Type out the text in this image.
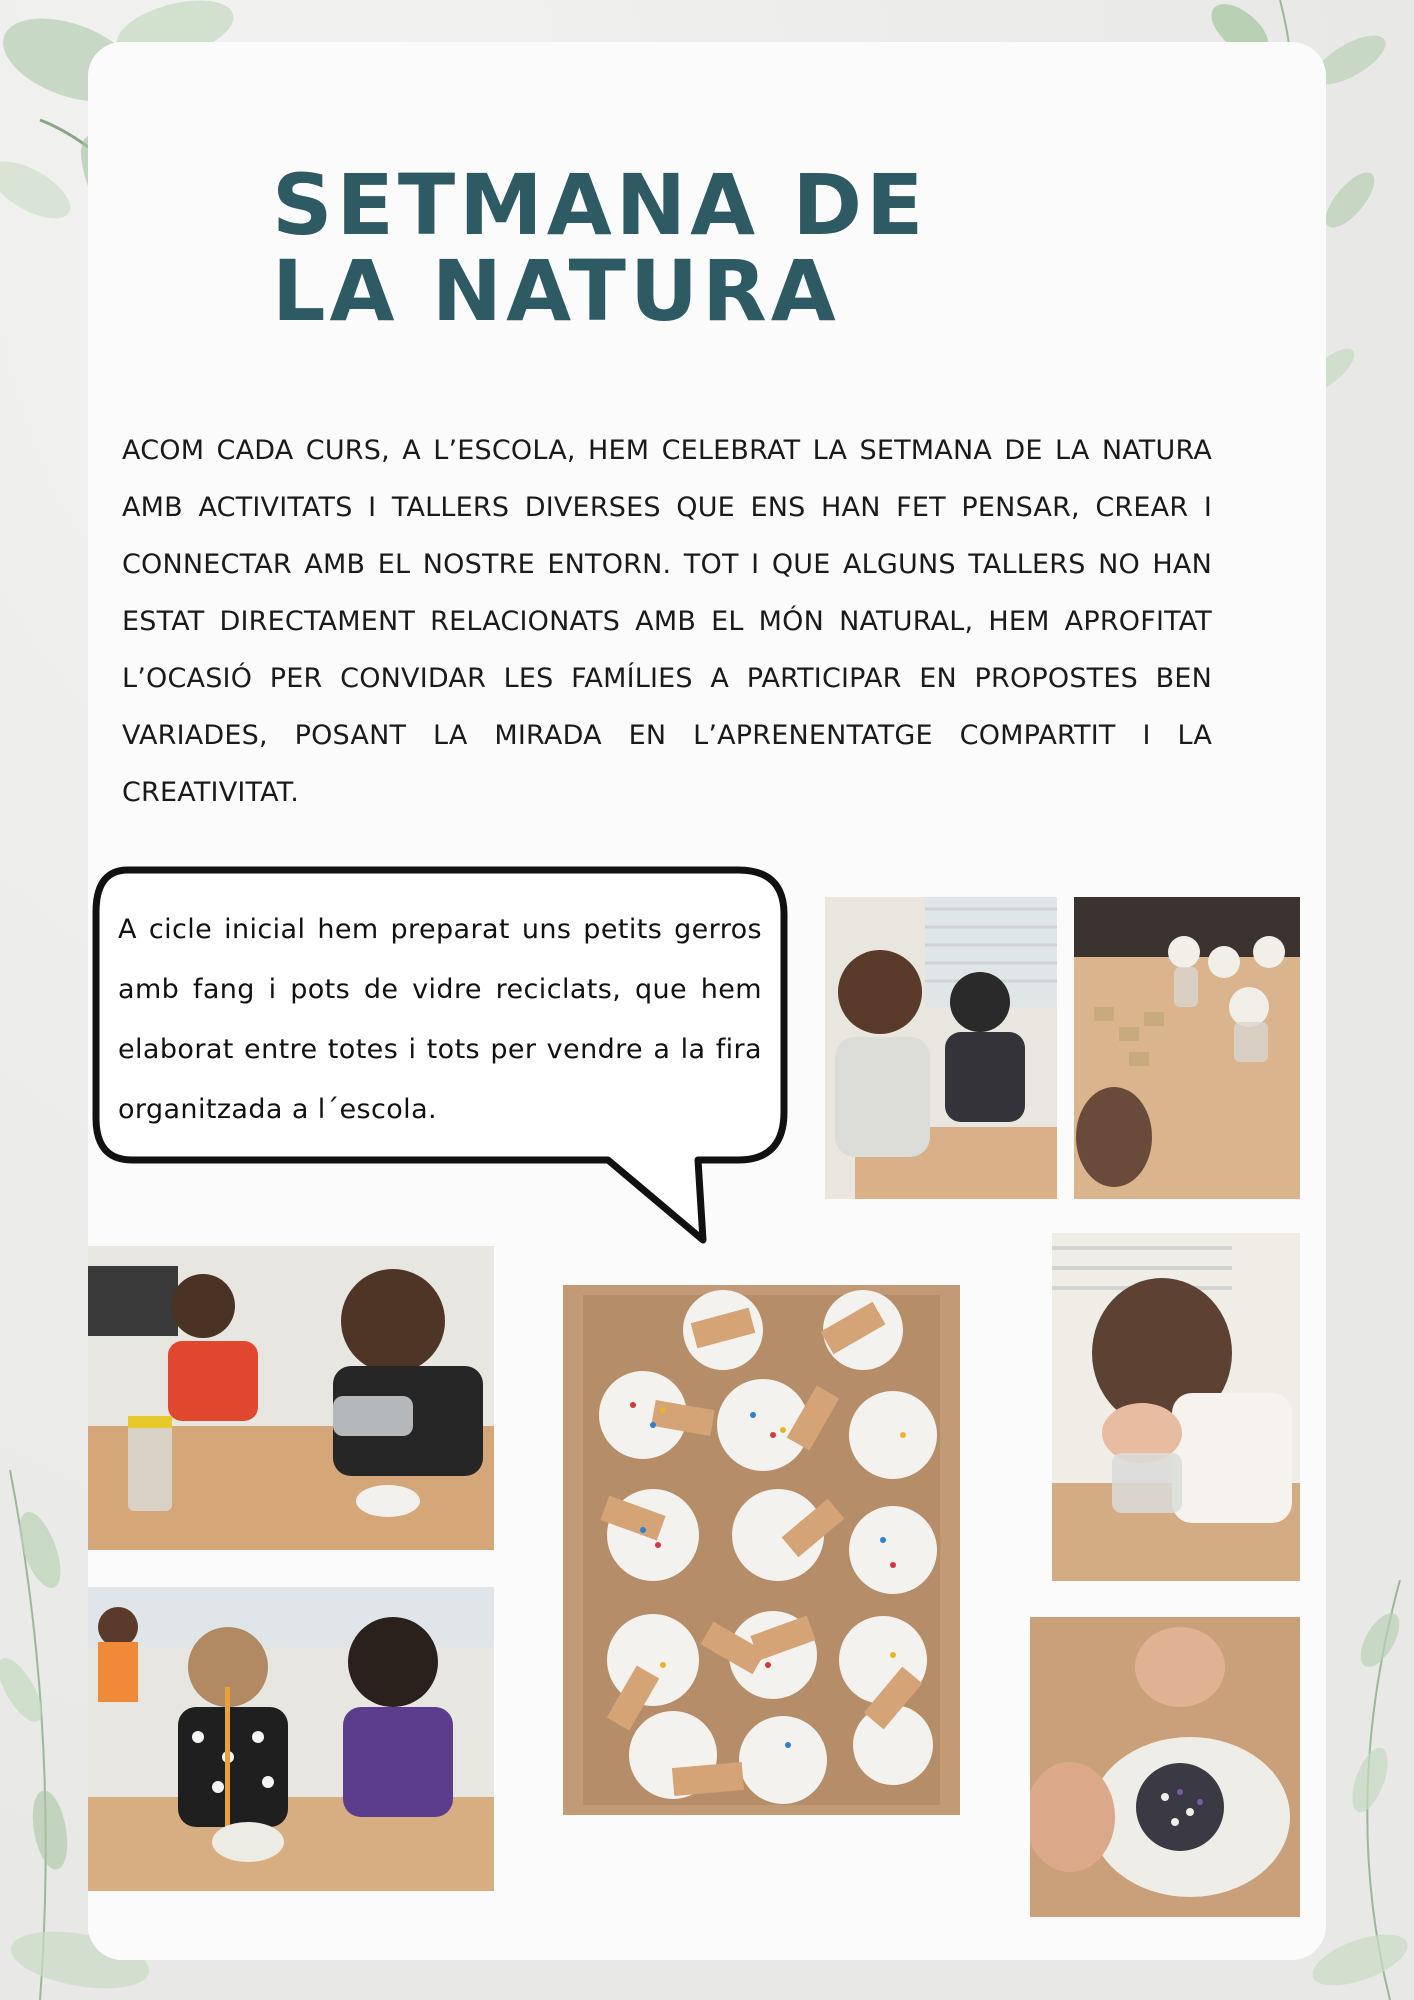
SETMANA DE
LA NATURA

ACOM CADA CURS, A L’ESCOLA, HEM CELEBRAT LA SETMANA DE LA NATURA AMB ACTIVITATS I TALLERS DIVERSES QUE ENS HAN FET PENSAR, CREAR I CONNECTAR AMB EL NOSTRE ENTORN. TOT I QUE ALGUNS TALLERS NO HAN ESTAT DIRECTAMENT RELACIONATS AMB EL MÓN NATURAL, HEM APROFITAT L’OCASIÓ PER CONVIDAR LES FAMÍLIES A PARTICIPAR EN PROPOSTES BEN VARIADES, POSANT LA MIRADA EN L’APRENENTATGE COMPARTIT I LA CREATIVITAT.

A cicle inicial hem preparat uns petits gerros amb fang i pots de vidre reciclats, que hem elaborat entre totes i tots per vendre a la fira organitzada a l´escola.
